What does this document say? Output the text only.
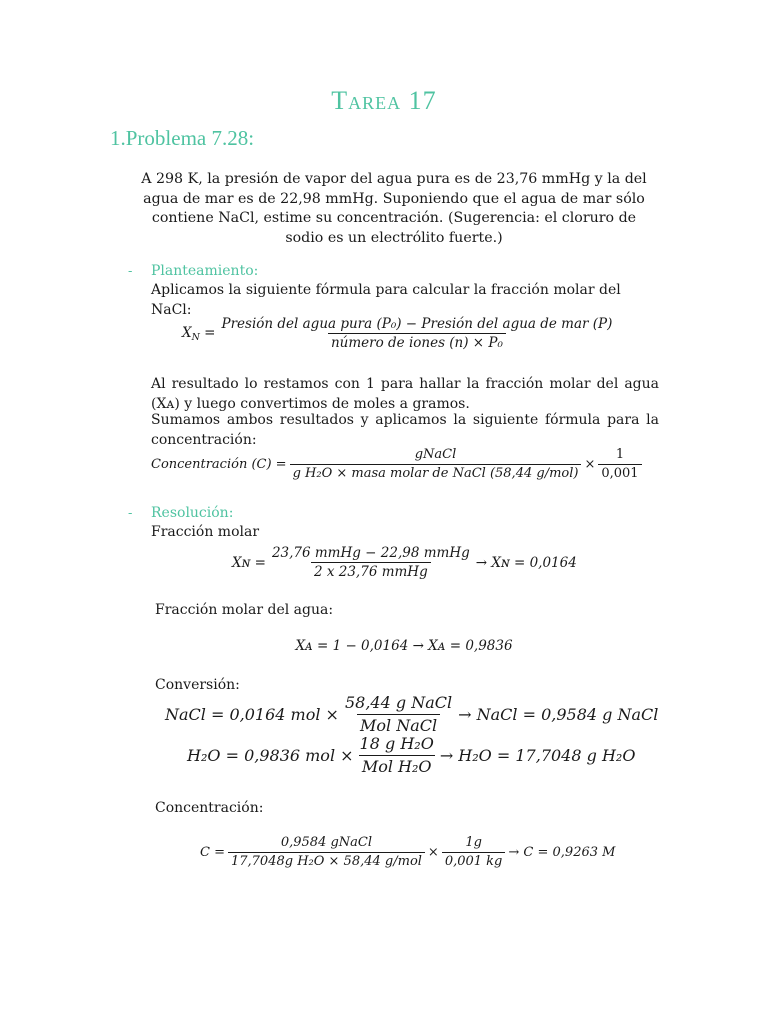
Tarea 17
1.Problema 7.28:
A 298 K, la presión de vapor del agua pura es de 23,76 mmHg y la del agua de mar es de 22,98 mmHg. Suponiendo que el agua de mar sólo contiene NaCl, estime su concentración. (Sugerencia: el cloruro de sodio es un electrólito fuerte.)
- Planteamiento:
Aplicamos la siguiente fórmula para calcular la fracción molar del NaCl:
$X_N = \frac{\text{Presión del agua pura (P₀) − Presión del agua de mar (P)}}{\text{número de iones (n) × P₀}}$
Al resultado lo restamos con 1 para hallar la fracción molar del agua (Xᴀ) y luego convertimos de moles a gramos.
Sumamos ambos resultados y aplicamos la siguiente fórmula para la concentración:
Concentración $(C) = \frac{\text{gNaCl}}{\text{g H₂O × masa molar de NaCl (58,44 g/mol)}} \times \frac{1}{0,001}$
- Resolución:
Fracción molar
Xɴ = $\frac{\text{23,76 mmHg − 22,98 mmHg}}{\text{2 x 23,76 mmHg}}$ → Xɴ = 0,0164
Fracción molar del agua:
Xᴀ = 1 − 0,0164 → Xᴀ = 0,9836
Conversión:
NaCl = 0,0164 mol × $\frac{\text{58,44 g NaCl}}{\text{Mol NaCl}}$ → NaCl = 0,9584 g NaCl
H₂O = 0,9836 mol × $\frac{\text{18 g H₂O}}{\text{Mol H₂O}} \to H_2O = 17,7048$ g H₂O
Concentración:
$C = \frac{\text{0,9584 gNaCl}}{\text{17,7048g H₂O × 58,44 g/mol}} \times \frac{1g}{0,001 kg} \to C = 0,9263$ M
